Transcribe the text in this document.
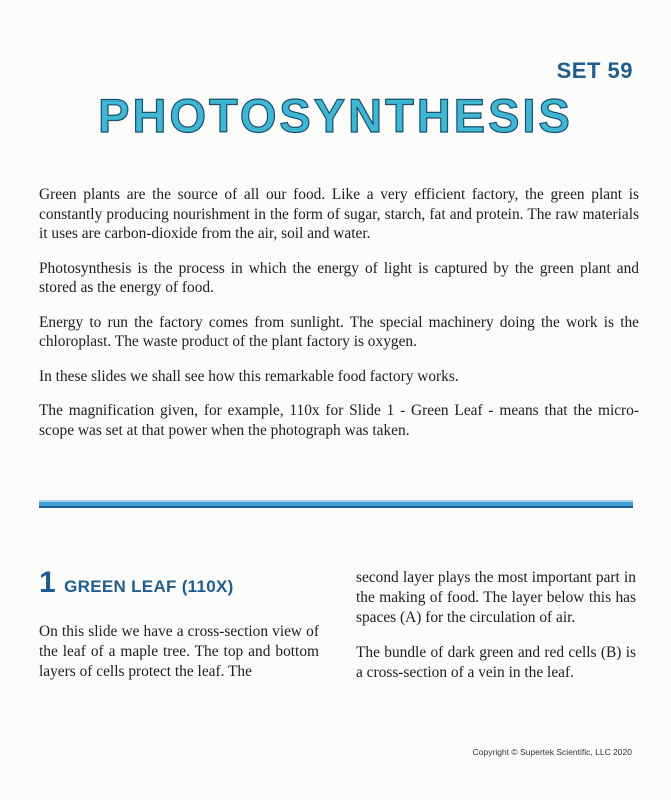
SET 59
PHOTOSYNTHESIS

Green plants are the source of all our food. Like a very efficient factory, the green plant is constantly producing nourishment in the form of sugar, starch, fat and protein. The raw materials it uses are carbon-dioxide from the air, soil and water.

Photosynthesis is the process in which the energy of light is captured by the green plant and stored as the energy of food.

Energy to run the factory comes from sunlight. The special machinery doing the work is the chloroplast. The waste product of the plant factory is oxygen.

In these slides we shall see how this remarkable food factory works.

The magnification given, for example, 110x for Slide 1 - Green Leaf - means that the micro-scope was set at that power when the photograph was taken.

1 GREEN LEAF (110X)

On this slide we have a cross-section view of the leaf of a maple tree. The top and bottom layers of cells protect the leaf. The

second layer plays the most important part in the making of food. The layer below this has spaces (A) for the circulation of air.

The bundle of dark green and red cells (B) is a cross-section of a vein in the leaf.

Copyright © Supertek Scientific, LLC 2020
